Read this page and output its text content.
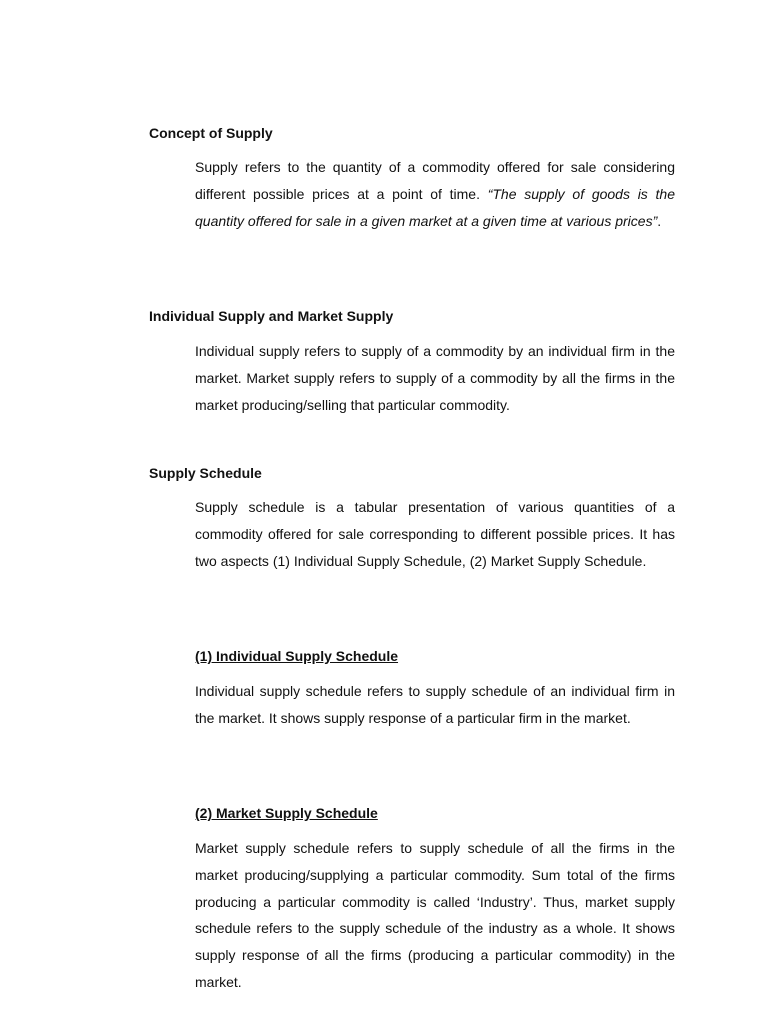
Concept of Supply

Supply refers to the quantity of a commodity offered for sale considering different possible prices at a point of time. “The supply of goods is the quantity offered for sale in a given market at a given time at various prices”.

Individual Supply and Market Supply

Individual supply refers to supply of a commodity by an individual firm in the market. Market supply refers to supply of a commodity by all the firms in the market producing/selling that particular commodity.

Supply Schedule

Supply schedule is a tabular presentation of various quantities of a commodity offered for sale corresponding to different possible prices. It has two aspects (1) Individual Supply Schedule, (2) Market Supply Schedule.

(1) Individual Supply Schedule

Individual supply schedule refers to supply schedule of an individual firm in the market. It shows supply response of a particular firm in the market.

(2) Market Supply Schedule

Market supply schedule refers to supply schedule of all the firms in the market producing/supplying a particular commodity. Sum total of the firms producing a particular commodity is called ‘Industry’. Thus, market supply schedule refers to the supply schedule of the industry as a whole. It shows supply response of all the firms (producing a particular commodity) in the market.
